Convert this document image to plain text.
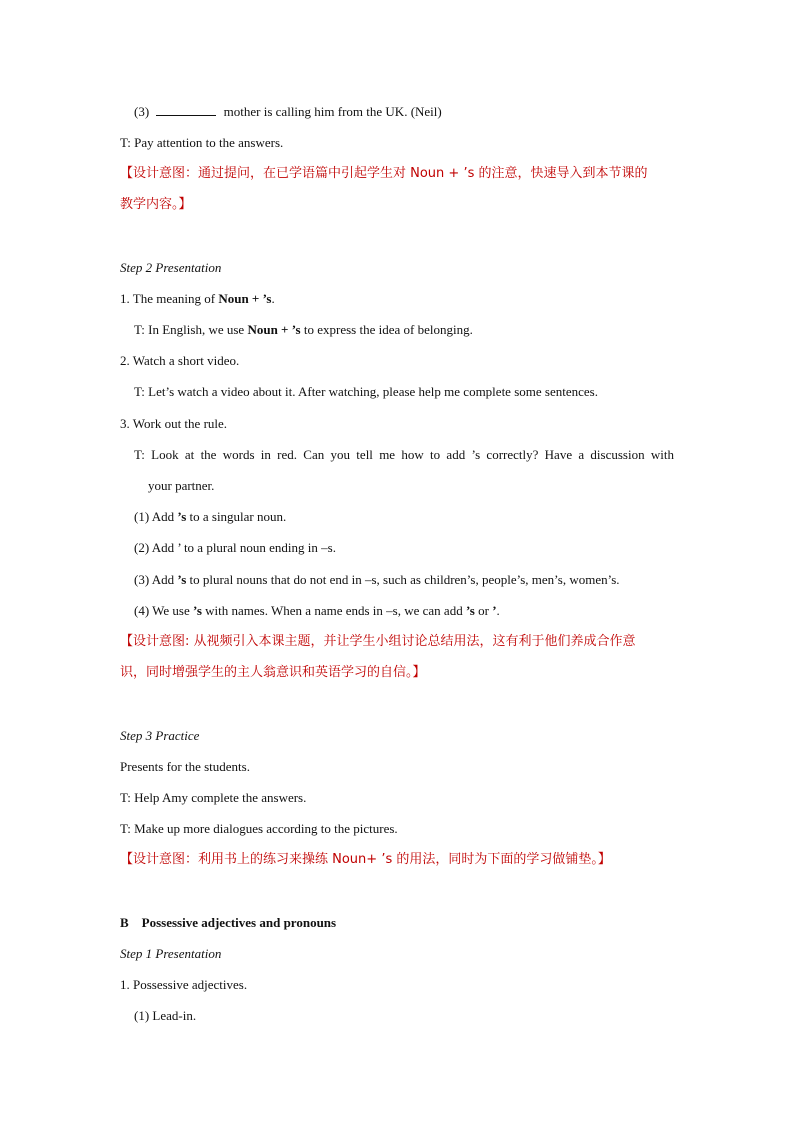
(3)	mother is calling him from the UK. (Neil)
T: Pay attention to the answers.
【设计意图：通过提问，在已学语篇中引起学生对 Noun + ’s 的注意，快速导入到本节课的
教学内容。】
Step 2 Presentation
1. The meaning of Noun + ’s.
T: In English, we use Noun + ’s to express the idea of belonging.
2. Watch a short video.
T: Let’s watch a video about it. After watching, please help me complete some sentences.
3. Work out the rule.
T: Look at the words in red. Can you tell me how to add ’s correctly? Have a discussion with
your partner.
(1) Add ’s to a singular noun.
(2) Add ’ to a plural noun ending in –s.
(3) Add ’s to plural nouns that do not end in –s, such as children’s, people’s, men’s, women’s.
(4) We use ’s with names. When a name ends in –s, we can add ’s or ’.
【设计意图: 从视频引入本课主题，并让学生小组讨论总结用法，这有利于他们养成合作意
识，同时增强学生的主人翁意识和英语学习的自信。】
Step 3 Practice
Presents for the students.
T: Help Amy complete the answers.
T: Make up more dialogues according to the pictures.
【设计意图：利用书上的练习来操练 Noun+ ’s 的用法，同时为下面的学习做铺垫。】
B    Possessive adjectives and pronouns
Step 1 Presentation
1. Possessive adjectives.
(1) Lead-in.
